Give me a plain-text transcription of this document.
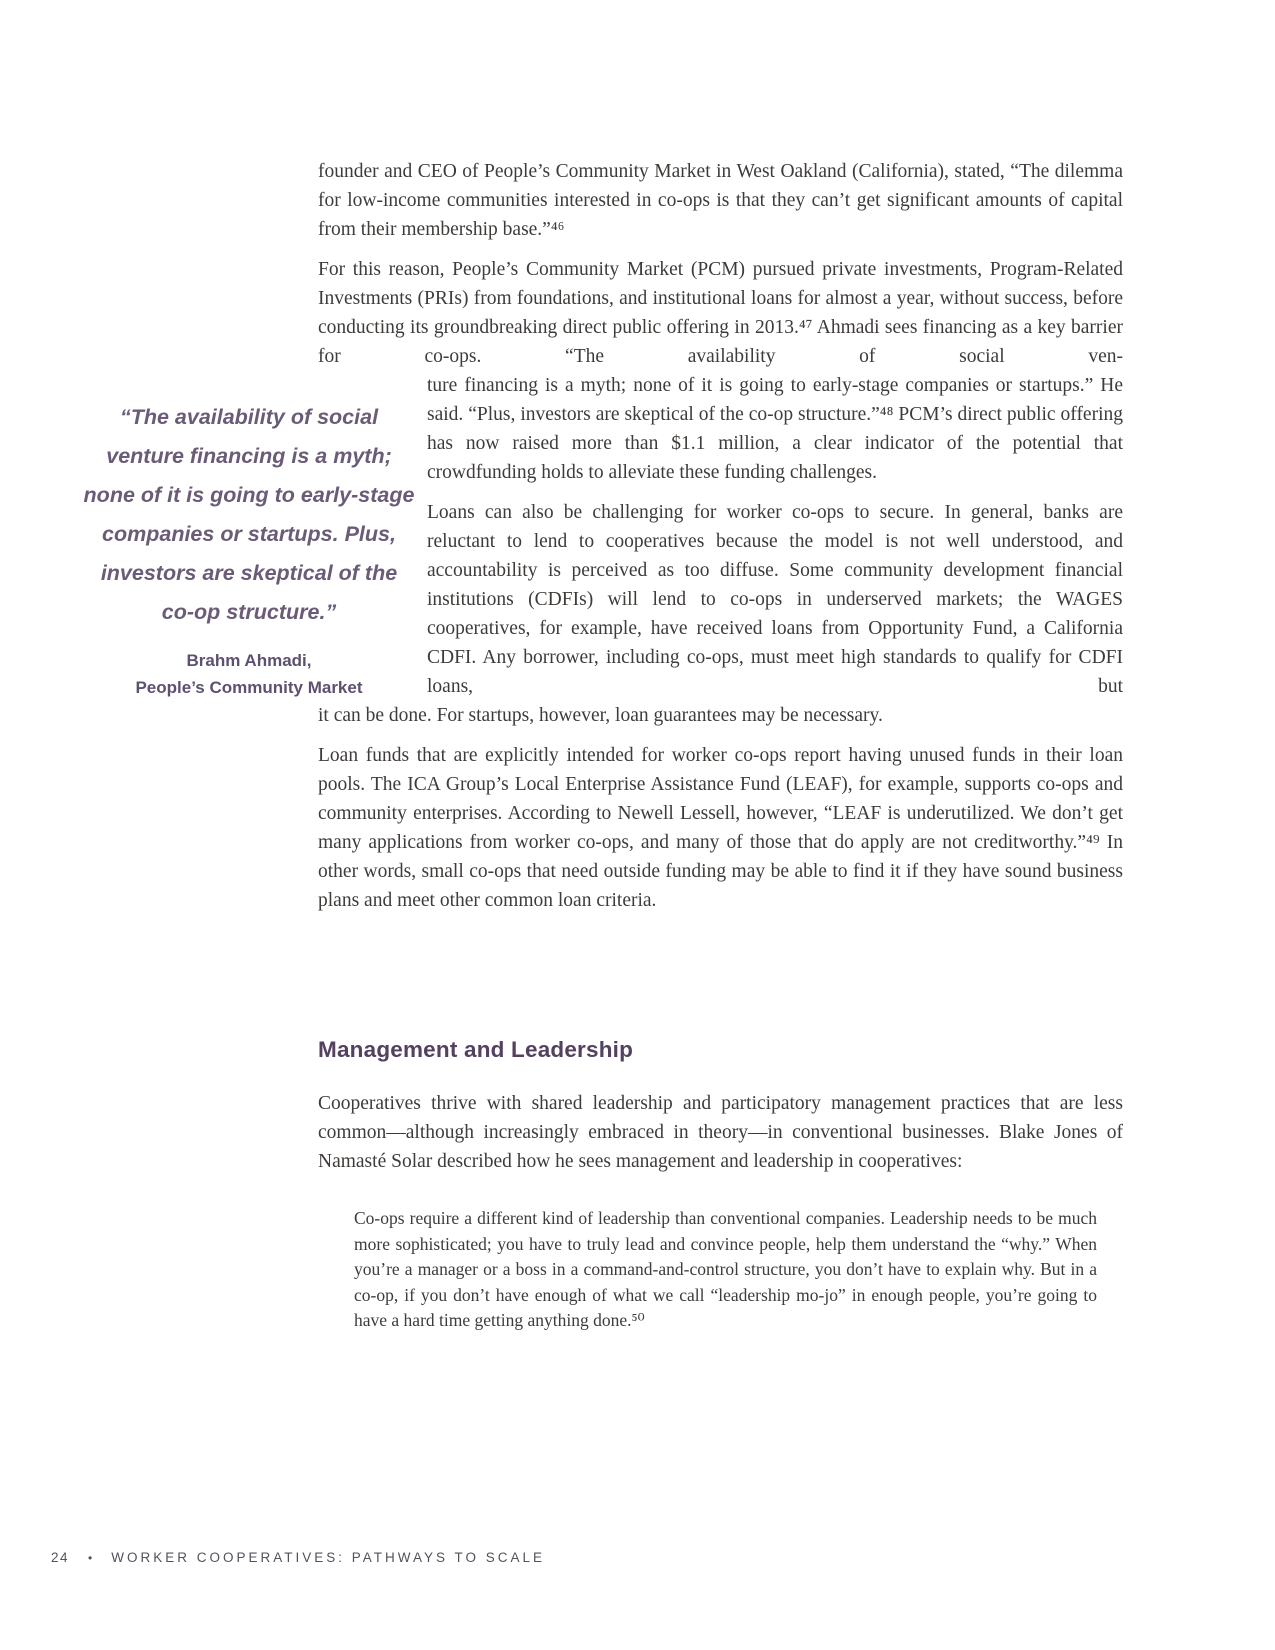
founder and CEO of People’s Community Market in West Oakland (California), stated, “The dilemma for low-income communities interested in co-ops is that they can’t get significant amounts of capital from their membership base.”⁴⁶

For this reason, People’s Community Market (PCM) pursued private investments, Program-Related Investments (PRIs) from foundations, and institutional loans for almost a year, without success, before conducting its groundbreaking direct public offering in 2013.⁴⁷ Ahmadi sees financing as a key barrier for co-ops. “The availability of social ven-

ture financing is a myth; none of it is going to early-stage companies or startups.” He said. “Plus, investors are skeptical of the co-op structure.”⁴⁸ PCM’s direct public offering has now raised more than $1.1 million, a clear indicator of the potential that crowdfunding holds to alleviate these funding challenges.

Loans can also be challenging for worker co-ops to secure. In general, banks are reluctant to lend to cooperatives because the model is not well understood, and accountability is perceived as too diffuse. Some community development financial institutions (CDFIs) will lend to co-ops in underserved markets; the WAGES cooperatives, for example, have received loans from Opportunity Fund, a California CDFI. Any borrower, including co-ops, must meet high standards to qualify for CDFI loans, but

it can be done. For startups, however, loan guarantees may be necessary.

Loan funds that are explicitly intended for worker co-ops report having unused funds in their loan pools. The ICA Group’s Local Enterprise Assistance Fund (LEAF), for example, supports co-ops and community enterprises. According to Newell Lessell, however, “LEAF is underutilized. We don’t get many applications from worker co-ops, and many of those that do apply are not creditworthy.”⁴⁹ In other words, small co-ops that need outside funding may be able to find it if they have sound business plans and meet other common loan criteria.

Management and Leadership

Cooperatives thrive with shared leadership and participatory management practices that are less common—although increasingly embraced in theory—in conventional businesses. Blake Jones of Namasté Solar described how he sees management and leadership in cooperatives:

Co-ops require a different kind of leadership than conventional companies. Leadership needs to be much more sophisticated; you have to truly lead and convince people, help them understand the “why.” When you’re a manager or a boss in a command-and-control structure, you don’t have to explain why. But in a co-op, if you don’t have enough of what we call “leadership mo-jo” in enough people, you’re going to have a hard time getting anything done.⁵⁰

“The availability of social venture financing is a myth; none of it is going to early-stage companies or startups. Plus, investors are skeptical of the co-op structure.”

Brahm Ahmadi,

People’s Community Market

24 • WORKER COOPERATIVES: PATHWAYS TO SCALE
